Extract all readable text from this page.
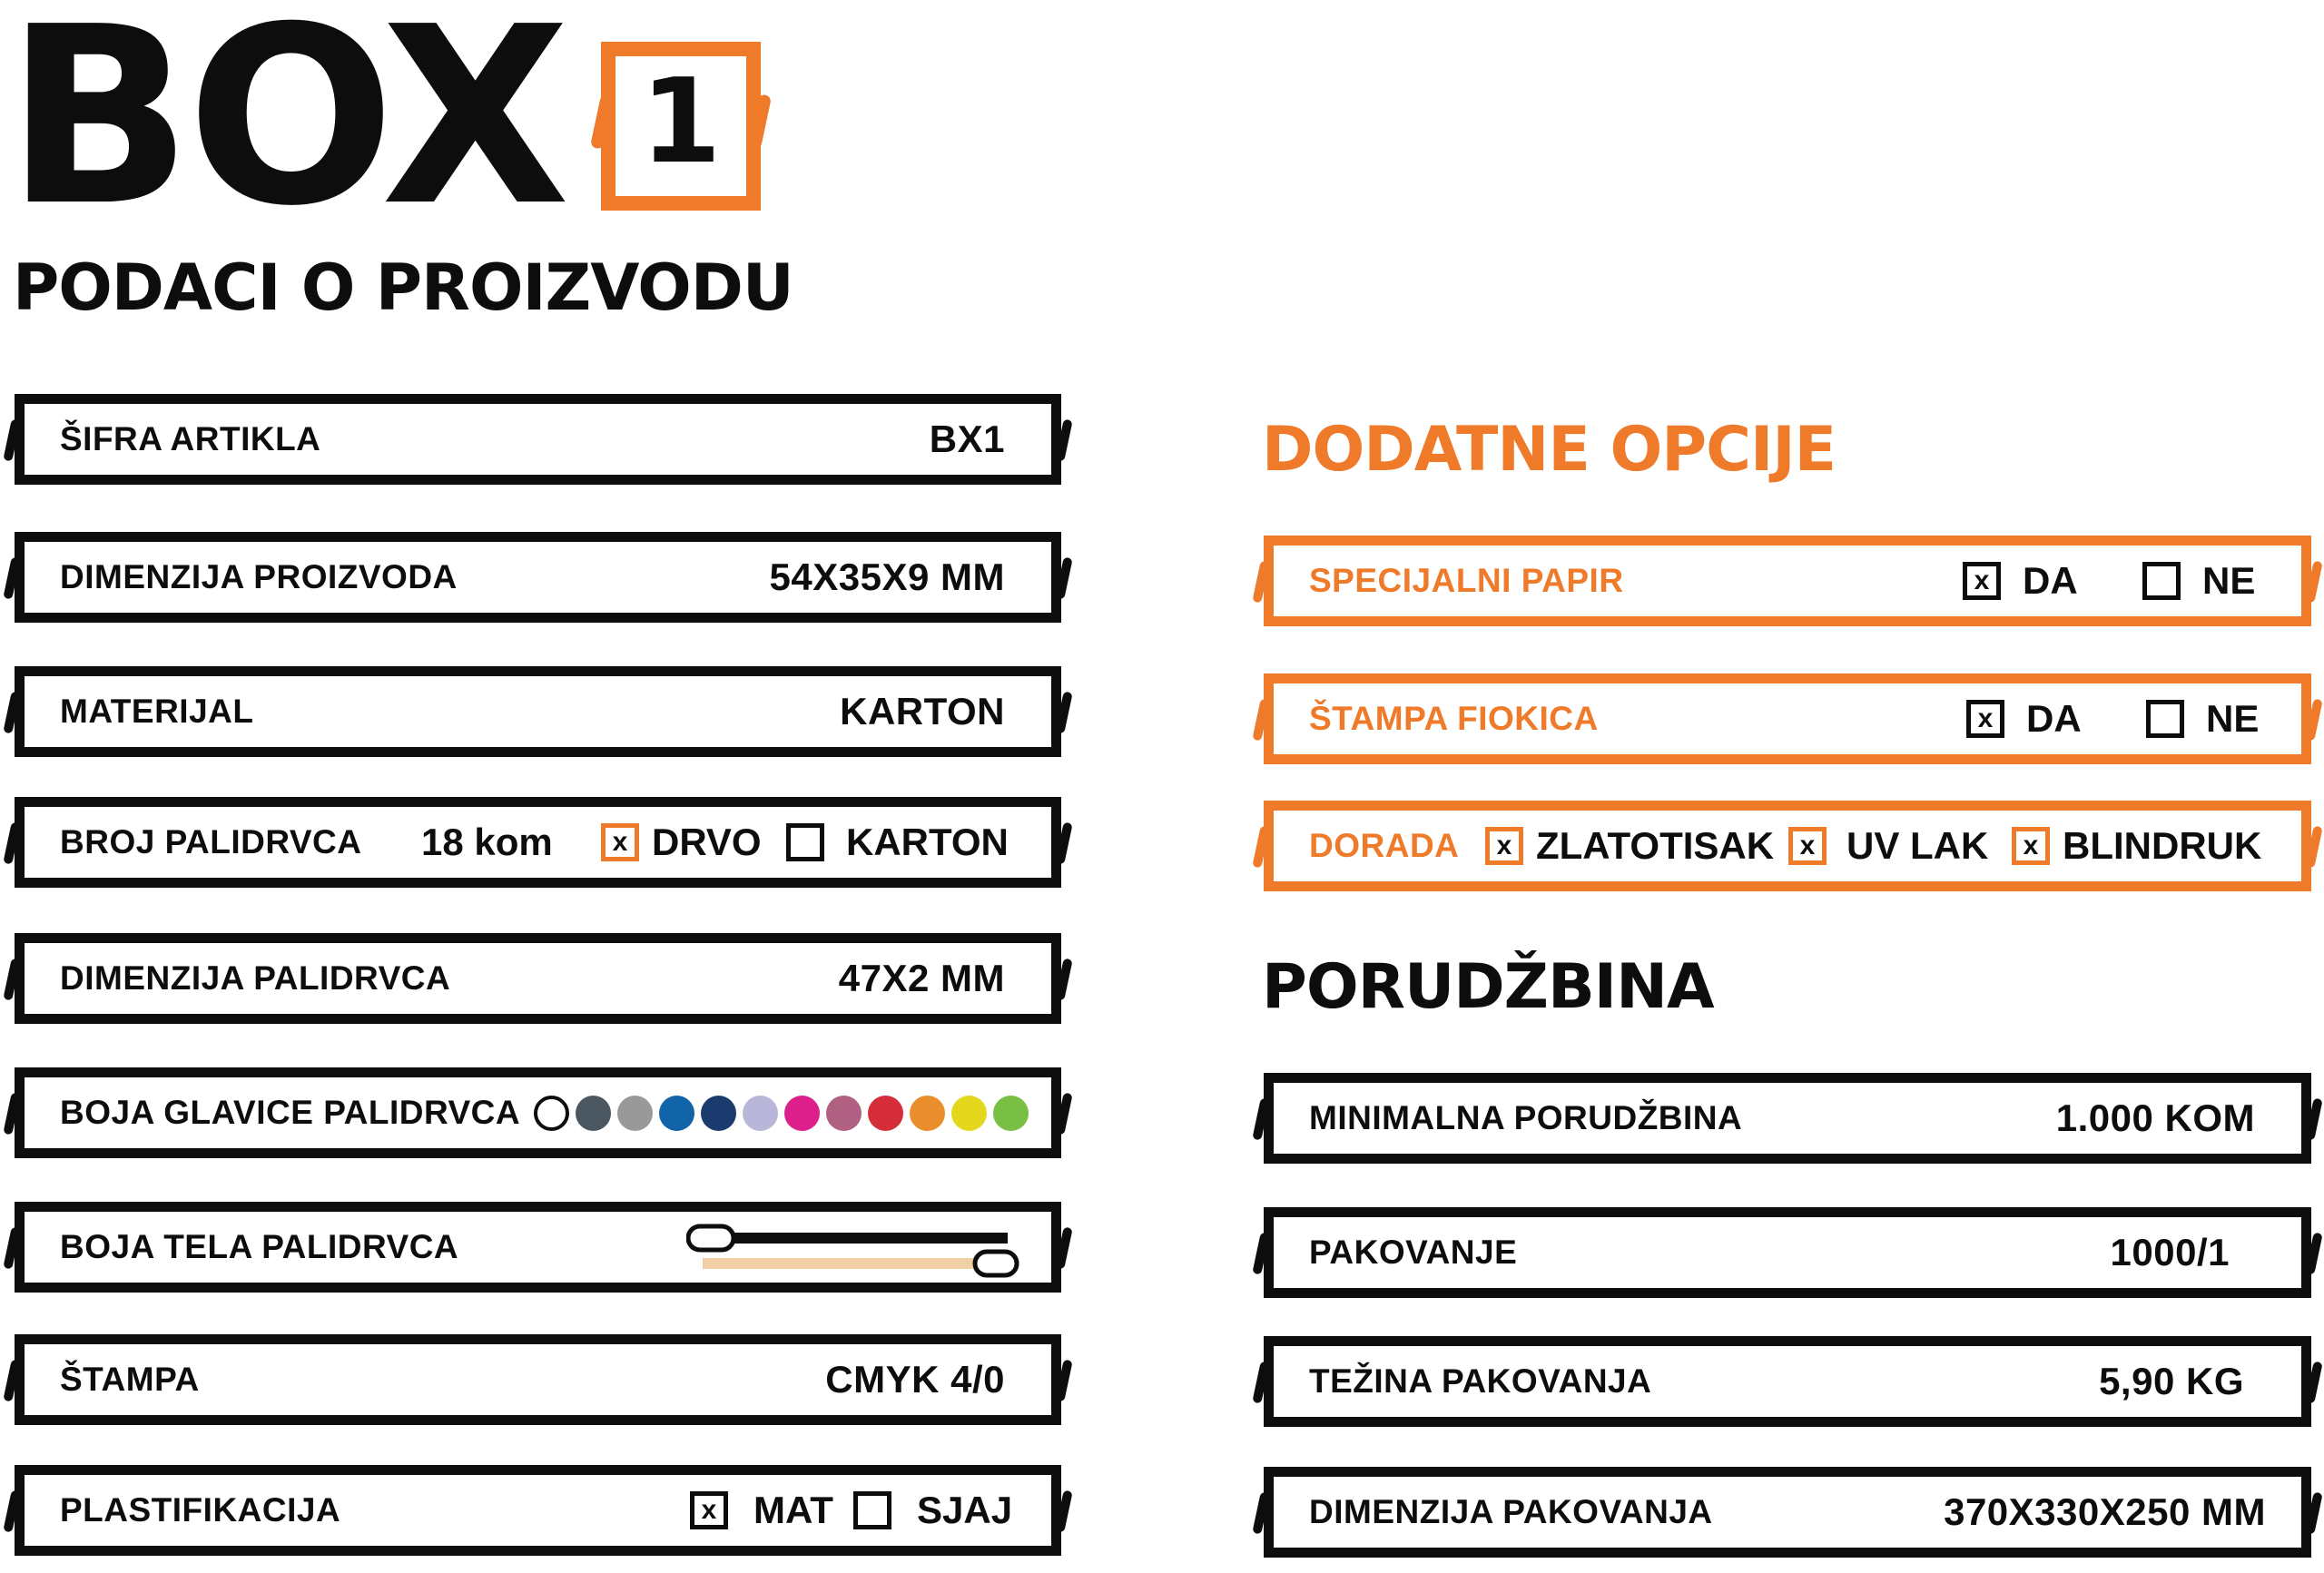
BOX 1
PODACI O PROIZVODU
ŠIFRA ARTIKLA	BX1
DIMENZIJA PROIZVODA	54X35X9 MM
MATERIJAL	KARTON
BROJ PALIDRVCA 18 kom	x DRVO KARTON
DIMENZIJA PALIDRVCA	47X2 MM
BOJA GLAVICE PALIDRVCA
BOJA TELA PALIDRVCA
ŠTAMPA	CMYK 4/0
PLASTIFIKACIJA	x MAT SJAJ
DODATNE OPCIJE
SPECIJALNI PAPIR	x DA	NE
ŠTAMPA FIOKICA	x DA	NE
DORADA	x ZLATOTISAK x UV LAK	x BLINDRUK
PORUDŽBINA
MINIMALNA PORUDŽBINA	1.000 KOM
PAKOVANJE	1000/1
TEŽINA PAKOVANJA	5,90 KG
DIMENZIJA PAKOVANJA	370X330X250 MM
